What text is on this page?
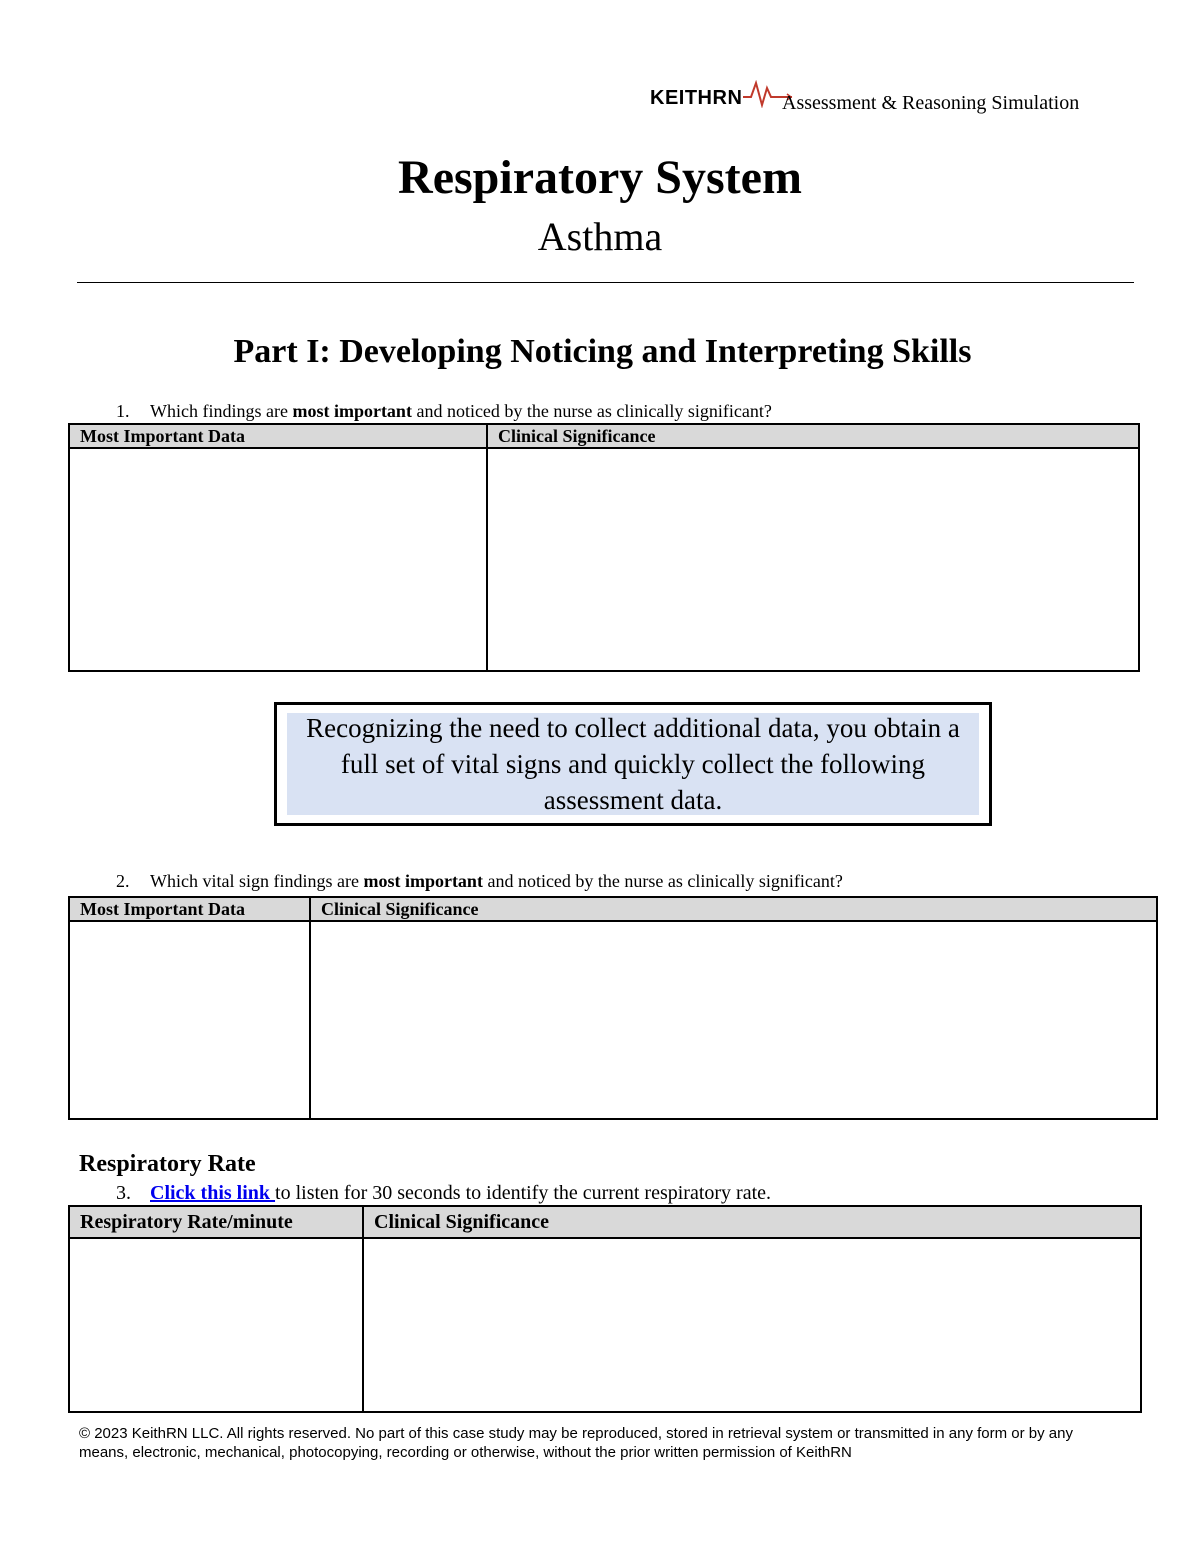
KEITHRN Assessment & Reasoning Simulation
Respiratory System
Asthma
Part I: Developing Noticing and Interpreting Skills
1. Which findings are most important and noticed by the nurse as clinically significant?
Most Important Data	Clinical Significance

Recognizing the need to collect additional data, you obtain a full set of vital signs and quickly collect the following assessment data.
2. Which vital sign findings are most important and noticed by the nurse as clinically significant?
Most Important Data	Clinical Significance

Respiratory Rate
3. Click this link to listen for 30 seconds to identify the current respiratory rate.
Respiratory Rate/minute	Clinical Significance

© 2023 KeithRN LLC. All rights reserved. No part of this case study may be reproduced, stored in retrieval system or transmitted in any form or by any means, electronic, mechanical, photocopying, recording or otherwise, without the prior written permission of KeithRN
